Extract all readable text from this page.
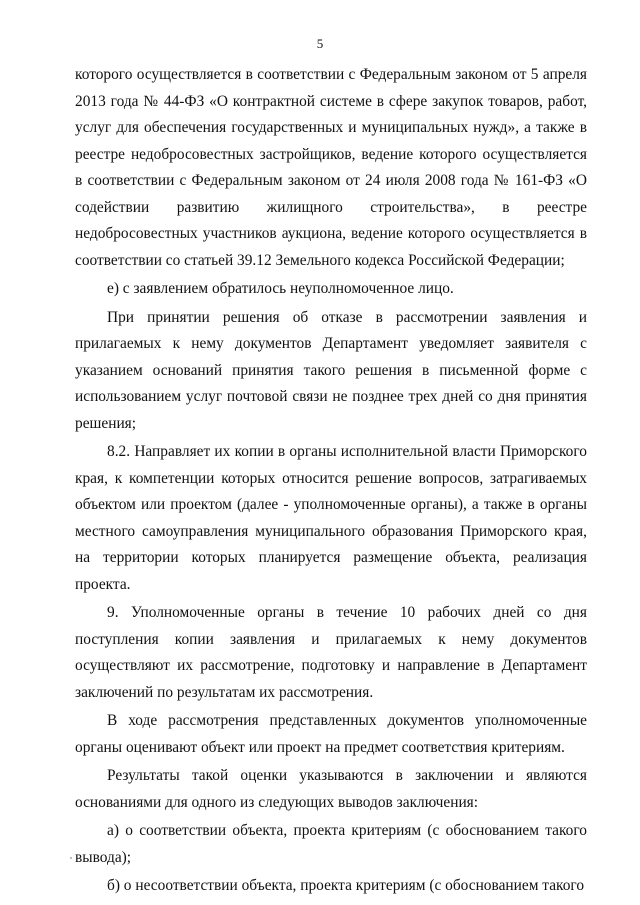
5
которого осуществляется в соответствии с Федеральным законом от 5 апреля 2013 года № 44-ФЗ «О контрактной системе в сфере закупок товаров, работ, услуг для обеспечения государственных и муниципальных нужд», а также в реестре недобросовестных застройщиков, ведение которого осуществляется в соответствии с Федеральным законом от 24 июля 2008 года № 161-ФЗ «О содействии развитию жилищного строительства», в реестре недобросовестных участников аукциона, ведение которого осуществляется в соответствии со статьей 39.12 Земельного кодекса Российской Федерации;
е) с заявлением обратилось неуполномоченное лицо.
При принятии решения об отказе в рассмотрении заявления и прилагаемых к нему документов Департамент уведомляет заявителя с указанием оснований принятия такого решения в письменной форме с использованием услуг почтовой связи не позднее трех дней со дня принятия решения;
8.2. Направляет их копии в органы исполнительной власти Приморского края, к компетенции которых относится решение вопросов, затрагиваемых объектом или проектом (далее - уполномоченные органы), а также в органы местного самоуправления муниципального образования Приморского края, на территории которых планируется размещение объекта, реализация проекта.
9. Уполномоченные органы в течение 10 рабочих дней со дня поступления копии заявления и прилагаемых к нему документов осуществляют их рассмотрение, подготовку и направление в Департамент заключений по результатам их рассмотрения.
В ходе рассмотрения представленных документов уполномоченные органы оценивают объект или проект на предмет соответствия критериям.
Результаты такой оценки указываются в заключении и являются основаниями для одного из следующих выводов заключения:
а) о соответствии объекта, проекта критериям (с обоснованием такого вывода);
б) о несоответствии объекта, проекта критериям (с обоснованием такого
